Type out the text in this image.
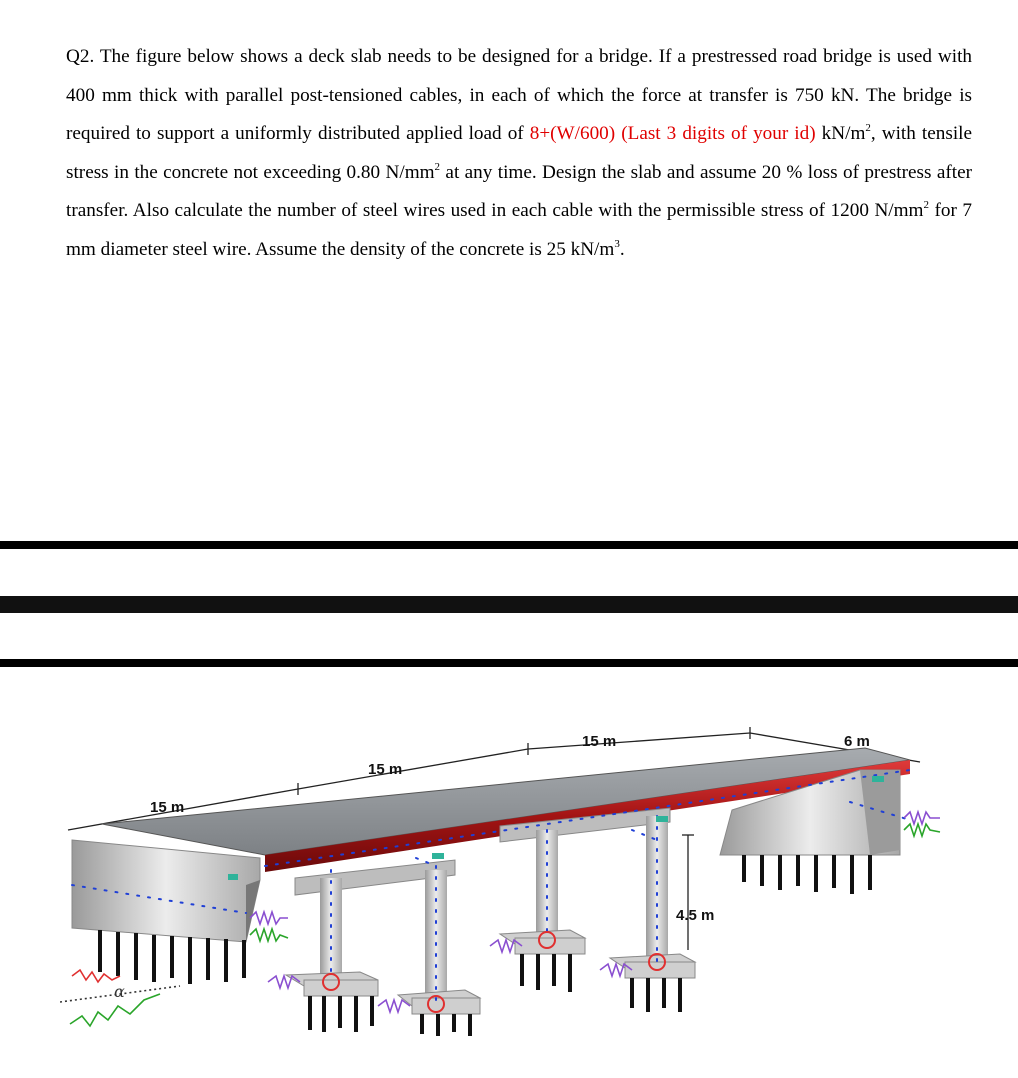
Q2. The figure below shows a deck slab needs to be designed for a bridge. If a prestressed road bridge is used with 400 mm thick with parallel post-tensioned cables, in each of which the force at transfer is 750 kN. The bridge is required to support a uniformly distributed applied load of 8+(W/600) (Last 3 digits of your id) $kN/m^2$, with tensile stress in the concrete not exceeding 0.80 $N/mm^2$ at any time. Design the slab and assume 20 % loss of prestress after transfer. Also calculate the number of steel wires used in each cable with the permissible stress of 1200 $N/mm^2$ for 7 mm diameter steel wire. Assume the density of the concrete is 25 $kN/m^3$.

15 m
15 m
15 m	6 m
4.5 m
α
